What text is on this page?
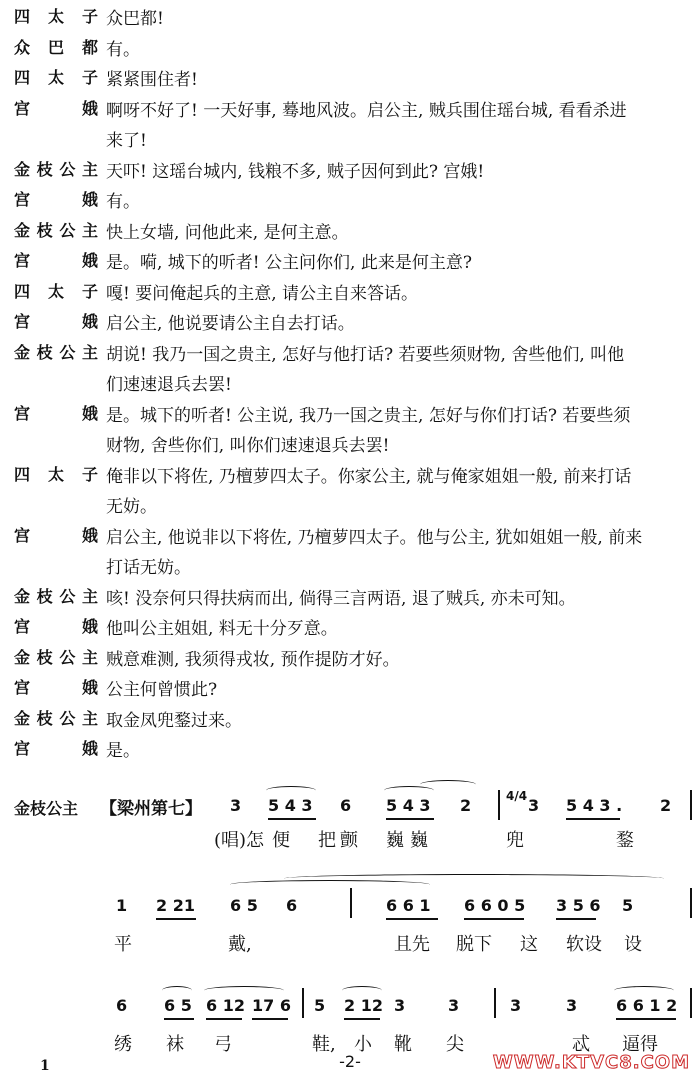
四 太 子 众巴都!
众 巴 都 有。
四 太 子 紧紧围住者!
宫	娥 啊呀不好了! 一天好事, 蓦地风波。启公主, 贼兵围住瑶台城, 看看杀进
来了!
金 枝 公 主 天吓! 这瑶台城内, 钱粮不多, 贼子因何到此? 宫娥!
宫	娥 有。
金 枝 公 主 快上女墙, 问他此来, 是何主意。
宫	娥 是。嗬, 城下的听者! 公主问你们, 此来是何主意?
四 太 子 嘎! 要问俺起兵的主意, 请公主自来答话。
宫	娥 启公主, 他说要请公主自去打话。
金 枝 公 主 胡说! 我乃一国之贵主, 怎好与他打话? 若要些须财物, 舍些他们, 叫他
们速速退兵去罢!
宫	娥 是。城下的听者! 公主说, 我乃一国之贵主, 怎好与你们打话? 若要些须
财物, 舍些你们, 叫你们速速退兵去罢!
四 太 子 俺非以下将佐, 乃檀萝四太子。你家公主, 就与俺家姐姐一般, 前来打话
无妨。
宫	娥 启公主, 他说非以下将佐, 乃檀萝四太子。他与公主, 犹如姐姐一般, 前来
打话无妨。
金 枝 公 主 咳! 没奈何只得扶病而出, 倘得三言两语, 退了贼兵, 亦未可知。
宫	娥 他叫公主姐姐, 料无十分歹意。
金 枝 公 主 贼意难测, 我须得戎妆, 预作提防才好。
宫	娥 公主何曾惯此?
金 枝 公 主 取金凤兜鍪过来。
宫	娥 是。
金枝公主 【梁州第七】 3 5 4 3 6 5 4 3 2	4/4 3 5 4 3 . 2
(唱)怎 便 把 颤 巍 巍	兜	鍪
1 2 21 6 5 6	6 6 1 6 6 0 5 3 5 6 5
平	戴,	且先 脱下 这 软设 设
6 6 5 6 12 17 6 5 2 12 3	3	3	3 6 6 1 2
绣 袜 弓	鞋, 小 靴 尖	忒 逼得
1	-2-	WWW.KTVC8.COM
